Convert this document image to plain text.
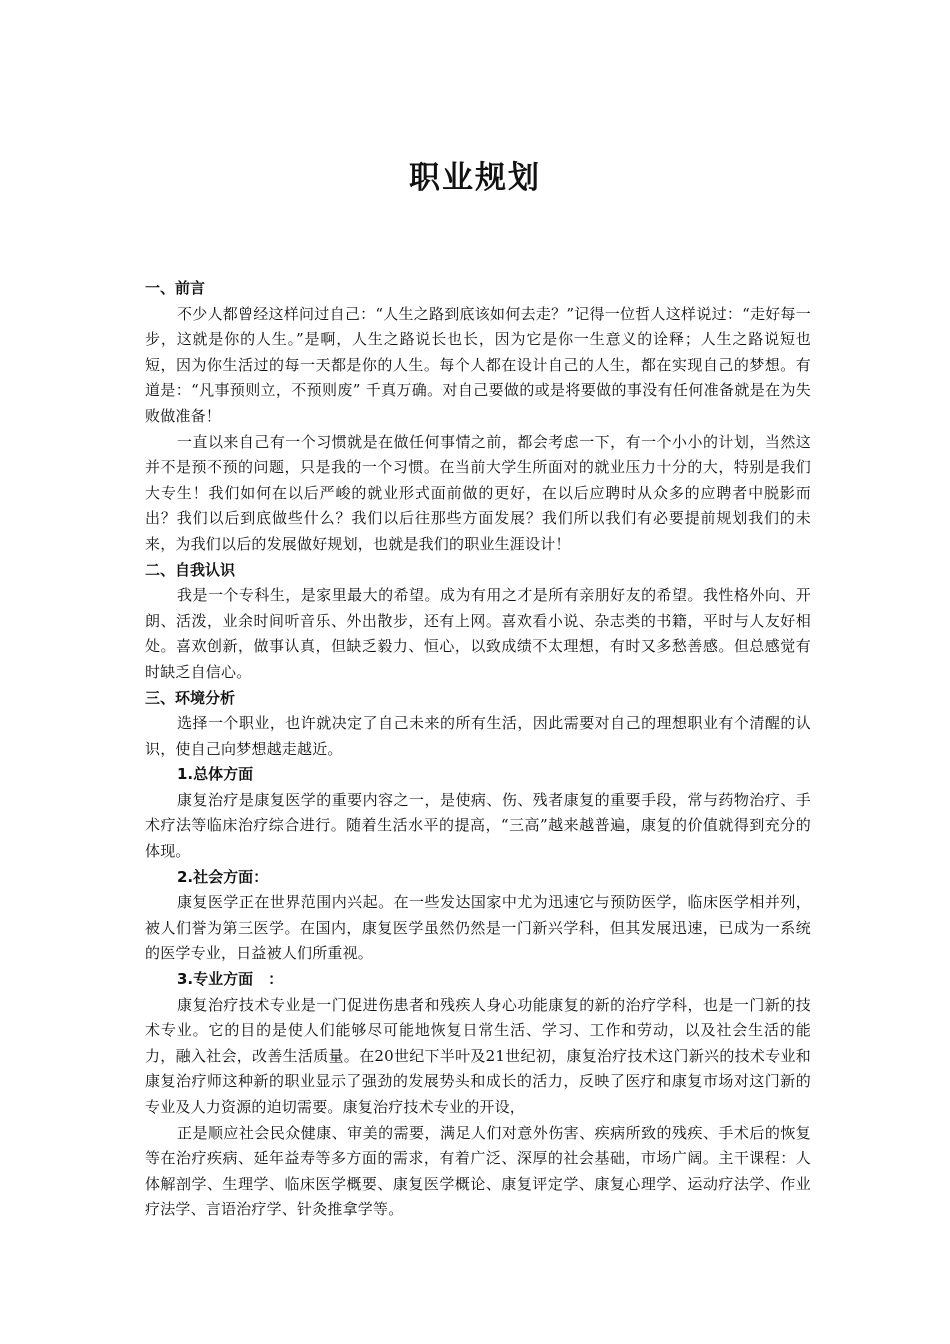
职业规划

一、前言

不少人都曾经这样问过自己：“人生之路到底该如何去走？”记得一位哲人这样说过：“走好每一步，这就是你的人生。”是啊，人生之路说长也长，因为它是你一生意义的诠释；人生之路说短也短，因为你生活过的每一天都是你的人生。每个人都在设计自己的人生，都在实现自己的梦想。有道是：“凡事预则立，不预则废” 千真万确。对自己要做的或是将要做的事没有任何准备就是在为失败做准备！

一直以来自己有一个习惯就是在做任何事情之前，都会考虑一下，有一个小小的计划，当然这并不是预不预的问题，只是我的一个习惯。在当前大学生所面对的就业压力十分的大，特别是我们大专生！我们如何在以后严峻的就业形式面前做的更好，在以后应聘时从众多的应聘者中脱影而出？我们以后到底做些什么？我们以后往那些方面发展？我们所以我们有必要提前规划我们的未来，为我们以后的发展做好规划，也就是我们的职业生涯设计！

二、自我认识

我是一个专科生，是家里最大的希望。成为有用之才是所有亲朋好友的希望。我性格外向、开朗、活泼，业余时间听音乐、外出散步，还有上网。喜欢看小说、杂志类的书籍，平时与人友好相处。喜欢创新，做事认真，但缺乏毅力、恒心，以致成绩不太理想，有时又多愁善感。但总感觉有时缺乏自信心。

三、环境分析

选择一个职业，也许就决定了自己未来的所有生活，因此需要对自己的理想职业有个清醒的认识，使自己向梦想越走越近。

1.总体方面

康复治疗是康复医学的重要内容之一，是使病、伤、残者康复的重要手段，常与药物治疗、手术疗法等临床治疗综合进行。随着生活水平的提高，“三高”越来越普遍，康复的价值就得到充分的体现。

2.社会方面：

康复医学正在世界范围内兴起。在一些发达国家中尤为迅速它与预防医学，临床医学相并列，被人们誉为第三医学。在国内，康复医学虽然仍然是一门新兴学科，但其发展迅速，已成为一系统的医学专业，日益被人们所重视。

3.专业方面　：

康复治疗技术专业是一门促进伤患者和残疾人身心功能康复的新的治疗学科，也是一门新的技术专业。它的目的是使人们能够尽可能地恢复日常生活、学习、工作和劳动，以及社会生活的能力，融入社会，改善生活质量。在20世纪下半叶及21世纪初，康复治疗技术这门新兴的技术专业和康复治疗师这种新的职业显示了强劲的发展势头和成长的活力，反映了医疗和康复市场对这门新的专业及人力资源的迫切需要。康复治疗技术专业的开设，

正是顺应社会民众健康、审美的需要，满足人们对意外伤害、疾病所致的残疾、手术后的恢复等在治疗疾病、延年益寿等多方面的需求，有着广泛、深厚的社会基础，市场广阔。主干课程：人体解剖学、生理学、临床医学概要、康复医学概论、康复评定学、康复心理学、运动疗法学、作业疗法学、言语治疗学、针灸推拿学等。
